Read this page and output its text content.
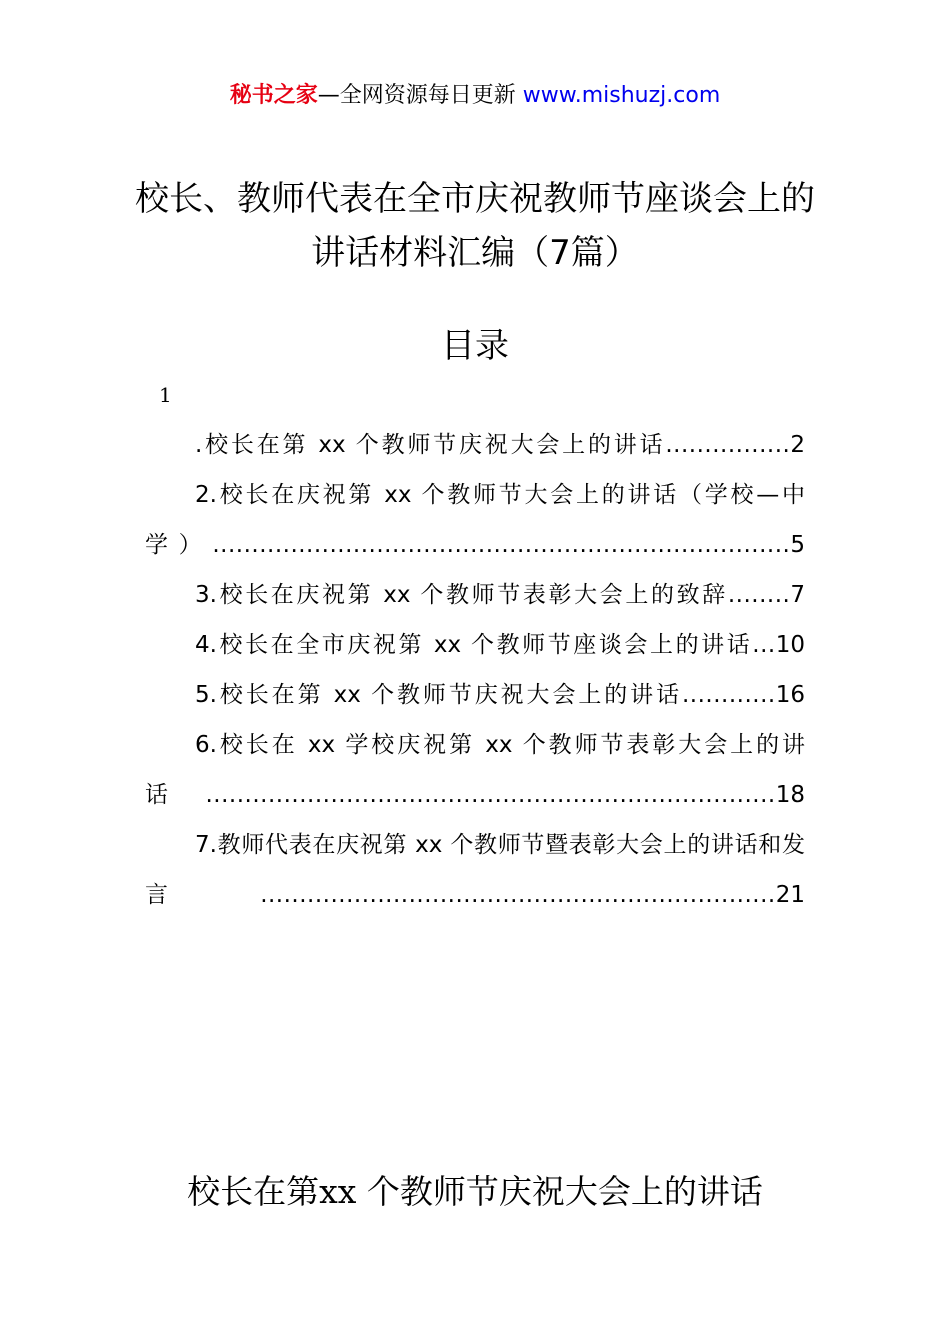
秘书之家—全网资源每日更新 www.mishuzj.com
校长、教师代表在全市庆祝教师节座谈会上的讲话材料汇编（7篇）
目录
1

.校长在第 xx 个教师节庆祝大会上的讲话................2

2.校长在庆祝第 xx 个教师节大会上的讲话（学校—中学）..........................................................................5

3.校长在庆祝第 xx 个教师节表彰大会上的致辞........7

4.校长在全市庆祝第 xx 个教师节座谈会上的讲话...10

5.校长在第 xx 个教师节庆祝大会上的讲话............16

6.校长在 xx 学校庆祝第 xx 个教师节表彰大会上的讲话.........................................................................18

7.教师代表在庆祝第 xx 个教师节暨表彰大会上的讲话和发言..................................................................21

校长在第xx 个教师节庆祝大会上的讲话
